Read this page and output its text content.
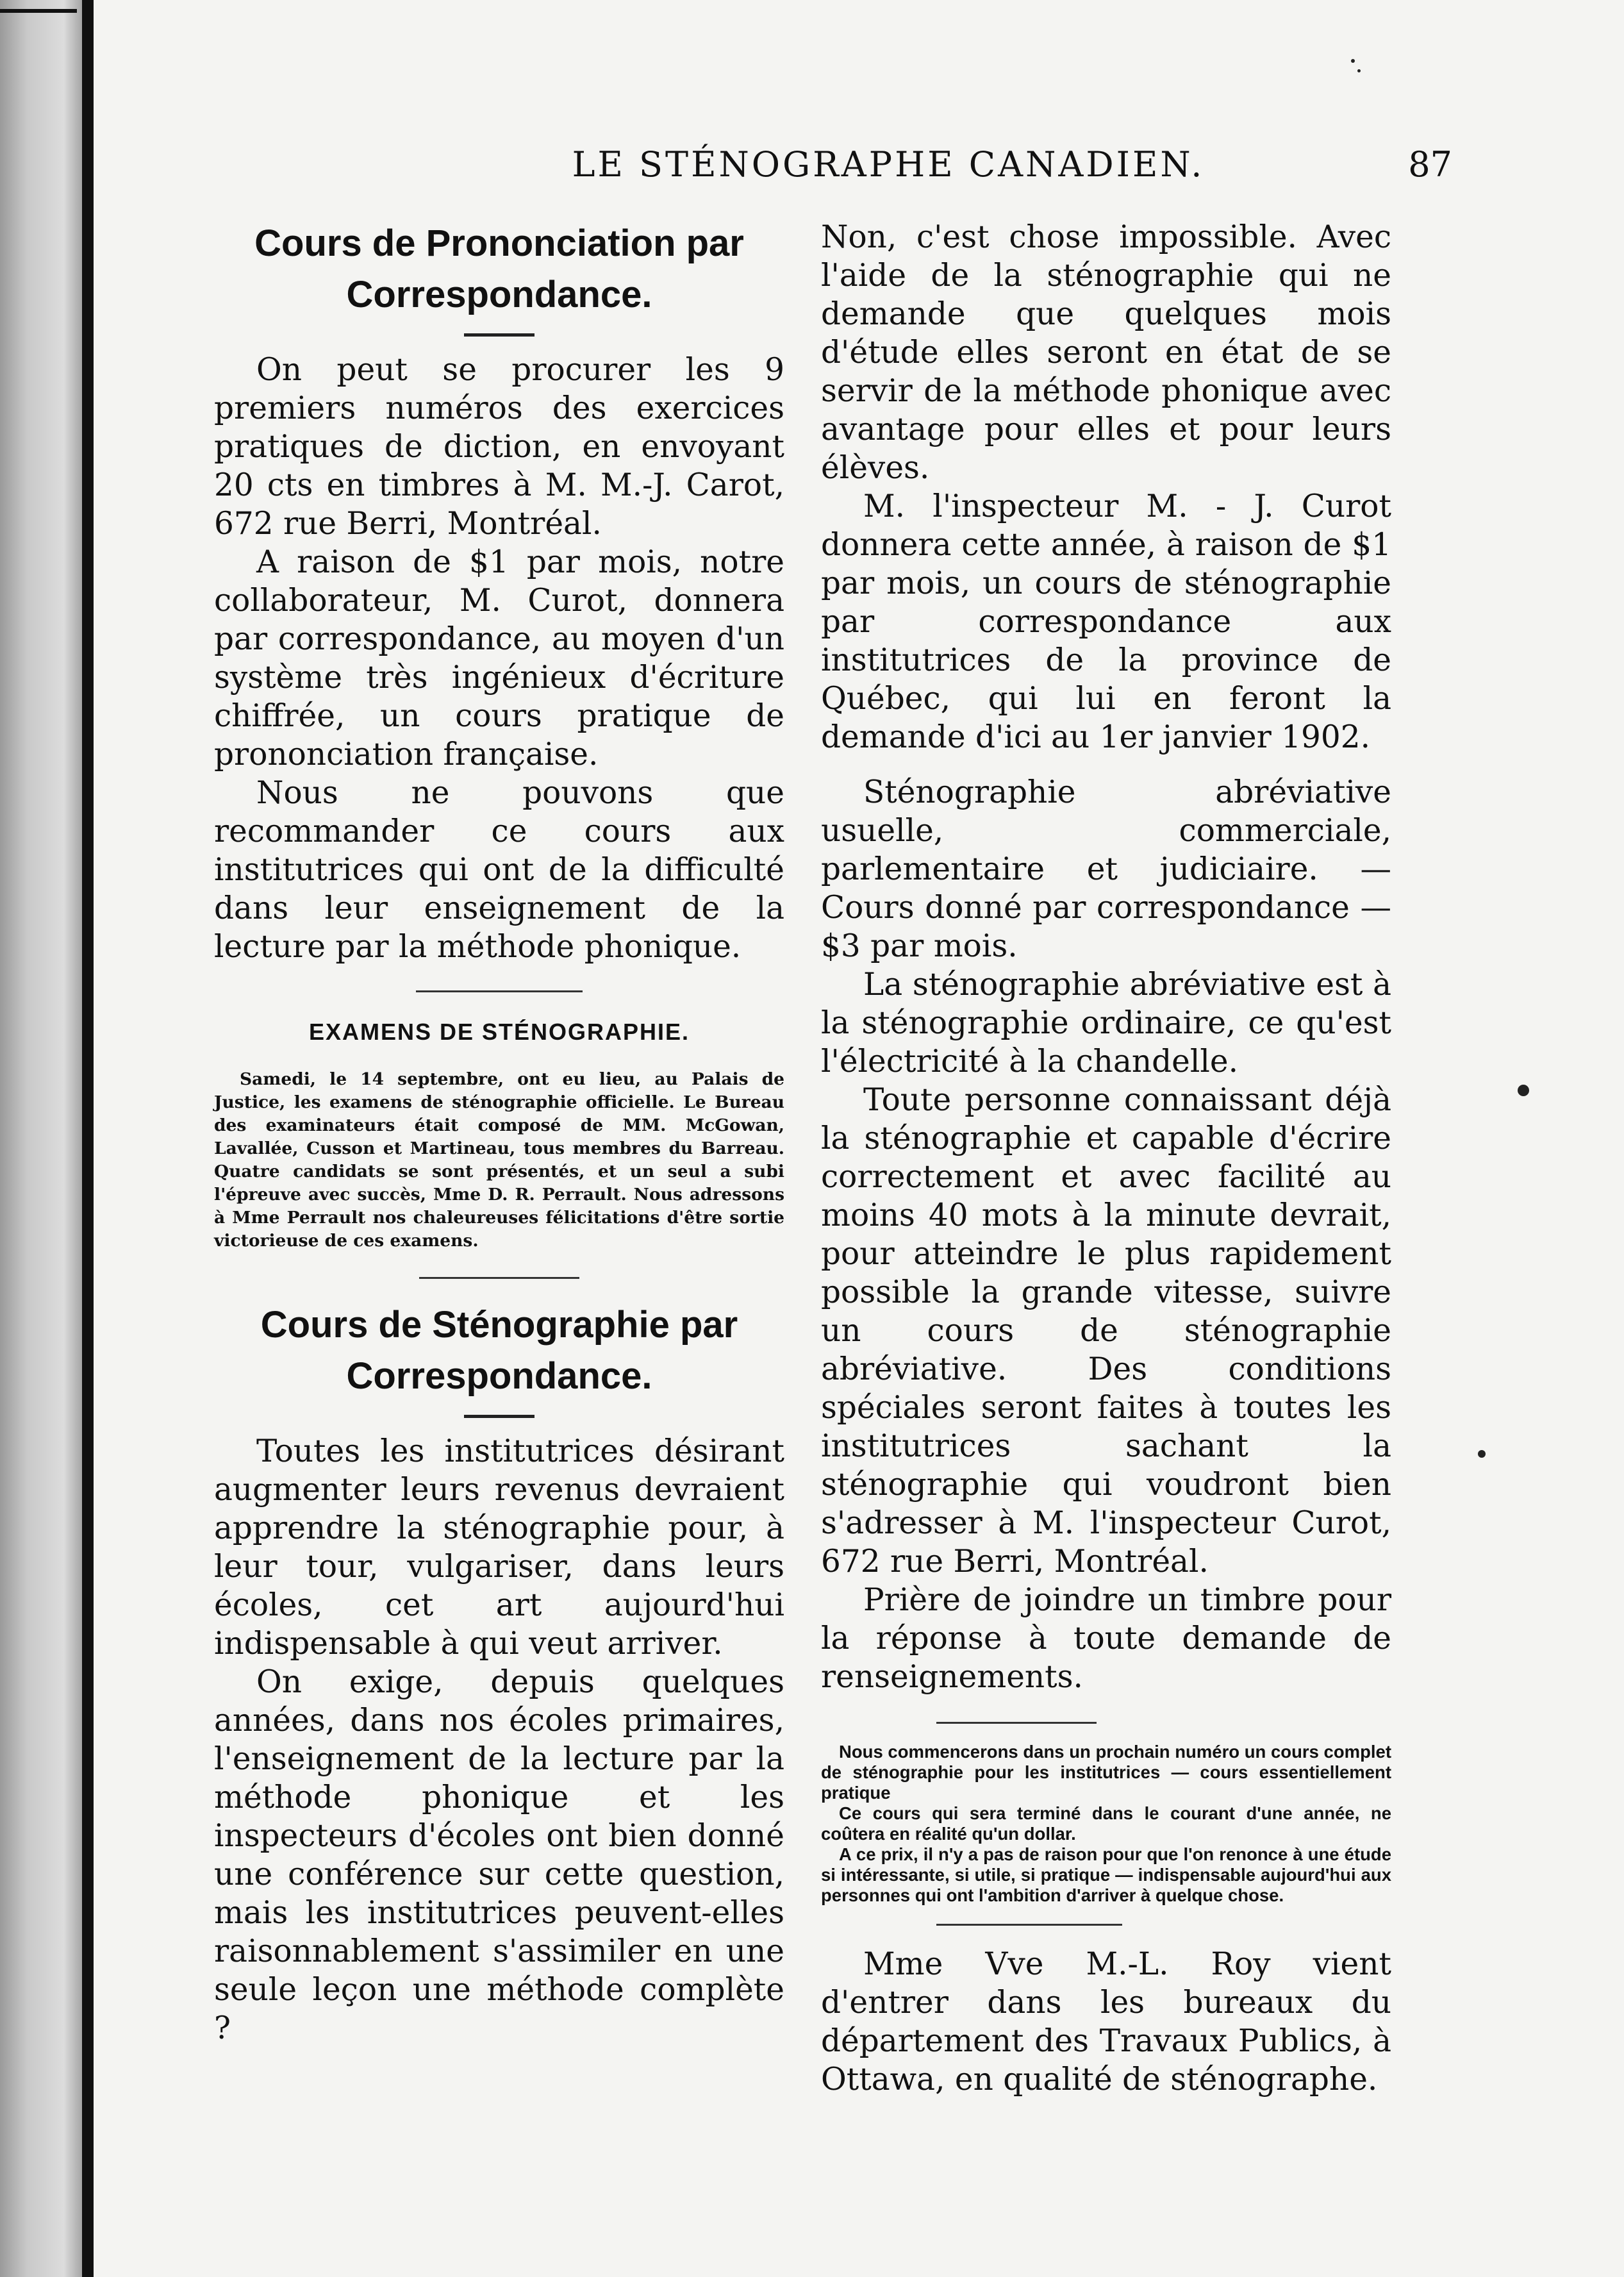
LE STÉNOGRAPHE CANADIEN.	87
Cours de Prononciation par
Correspondance.

On peut se procurer les 9 premiers numéros des exercices pratiques de diction, en envoyant 20 cts en timbres à M. M.-J. Carot, 672 rue Berri, Montréal.

A raison de $1 par mois, notre collaborateur, M. Curot, donnera par correspondance, au moyen d'un système très ingénieux d'écriture chiffrée, un cours pratique de prononciation française.

Nous ne pouvons que recommander ce cours aux institutrices qui ont de la difficulté dans leur enseignement de la lecture par la méthode phonique.

EXAMENS DE STÉNOGRAPHIE.

Samedi, le 14 septembre, ont eu lieu, au Palais de Justice, les examens de sténographie officielle. Le Bureau des examinateurs était composé de MM. McGowan, Lavallée, Cusson et Martineau, tous membres du Barreau. Quatre candidats se sont présentés, et un seul a subi l'épreuve avec succès, Mme D. R. Perrault. Nous adressons à Mme Perrault nos chaleureuses félicitations d'être sortie victorieuse de ces examens.

Cours de Sténographie par
Correspondance.

Toutes les institutrices désirant augmenter leurs revenus devraient apprendre la sténographie pour, à leur tour, vulgariser, dans leurs écoles, cet art aujourd'hui indispensable à qui veut arriver.

On exige, depuis quelques années, dans nos écoles primaires, l'enseignement de la lecture par la méthode phonique et les inspecteurs d'écoles ont bien donné une conférence sur cette question, mais les institutrices peuvent-elles raisonnablement s'assimiler en une seule leçon une méthode complète ?

Non, c'est chose impossible. Avec l'aide de la sténographie qui ne demande que quelques mois d'étude elles seront en état de se servir de la méthode phonique avec avantage pour elles et pour leurs élèves.

M. l'inspecteur M. - J. Curot donnera cette année, à raison de $1 par mois, un cours de sténographie par correspondance aux institutrices de la province de Québec, qui lui en feront la demande d'ici au 1er janvier 1902.

Sténographie abréviative usuelle, commerciale, parlementaire et judiciaire. — Cours donné par correspondance — $3 par mois.

La sténographie abréviative est à la sténographie ordinaire, ce qu'est l'électricité à la chandelle.

Toute personne connaissant déjà la sténographie et capable d'écrire correctement et avec facilité au moins 40 mots à la minute devrait, pour atteindre le plus rapidement possible la grande vitesse, suivre un cours de sténographie abréviative. Des conditions spéciales seront faites à toutes les institutrices sachant la sténographie qui voudront bien s'adresser à M. l'inspecteur Curot, 672 rue Berri, Montréal.

Prière de joindre un timbre pour la réponse à toute demande de renseignements.

Nous commencerons dans un prochain numéro un cours complet de sténographie pour les institutrices — cours essentiellement pratique

Ce cours qui sera terminé dans le courant d'une année, ne coûtera en réalité qu'un dollar.

A ce prix, il n'y a pas de raison pour que l'on renonce à une étude si intéressante, si utile, si pratique — indispensable aujourd'hui aux personnes qui ont l'ambition d'arriver à quelque chose.

Mme Vve M.-L. Roy vient d'entrer dans les bureaux du département des Travaux Publics, à Ottawa, en qualité de sténographe.
